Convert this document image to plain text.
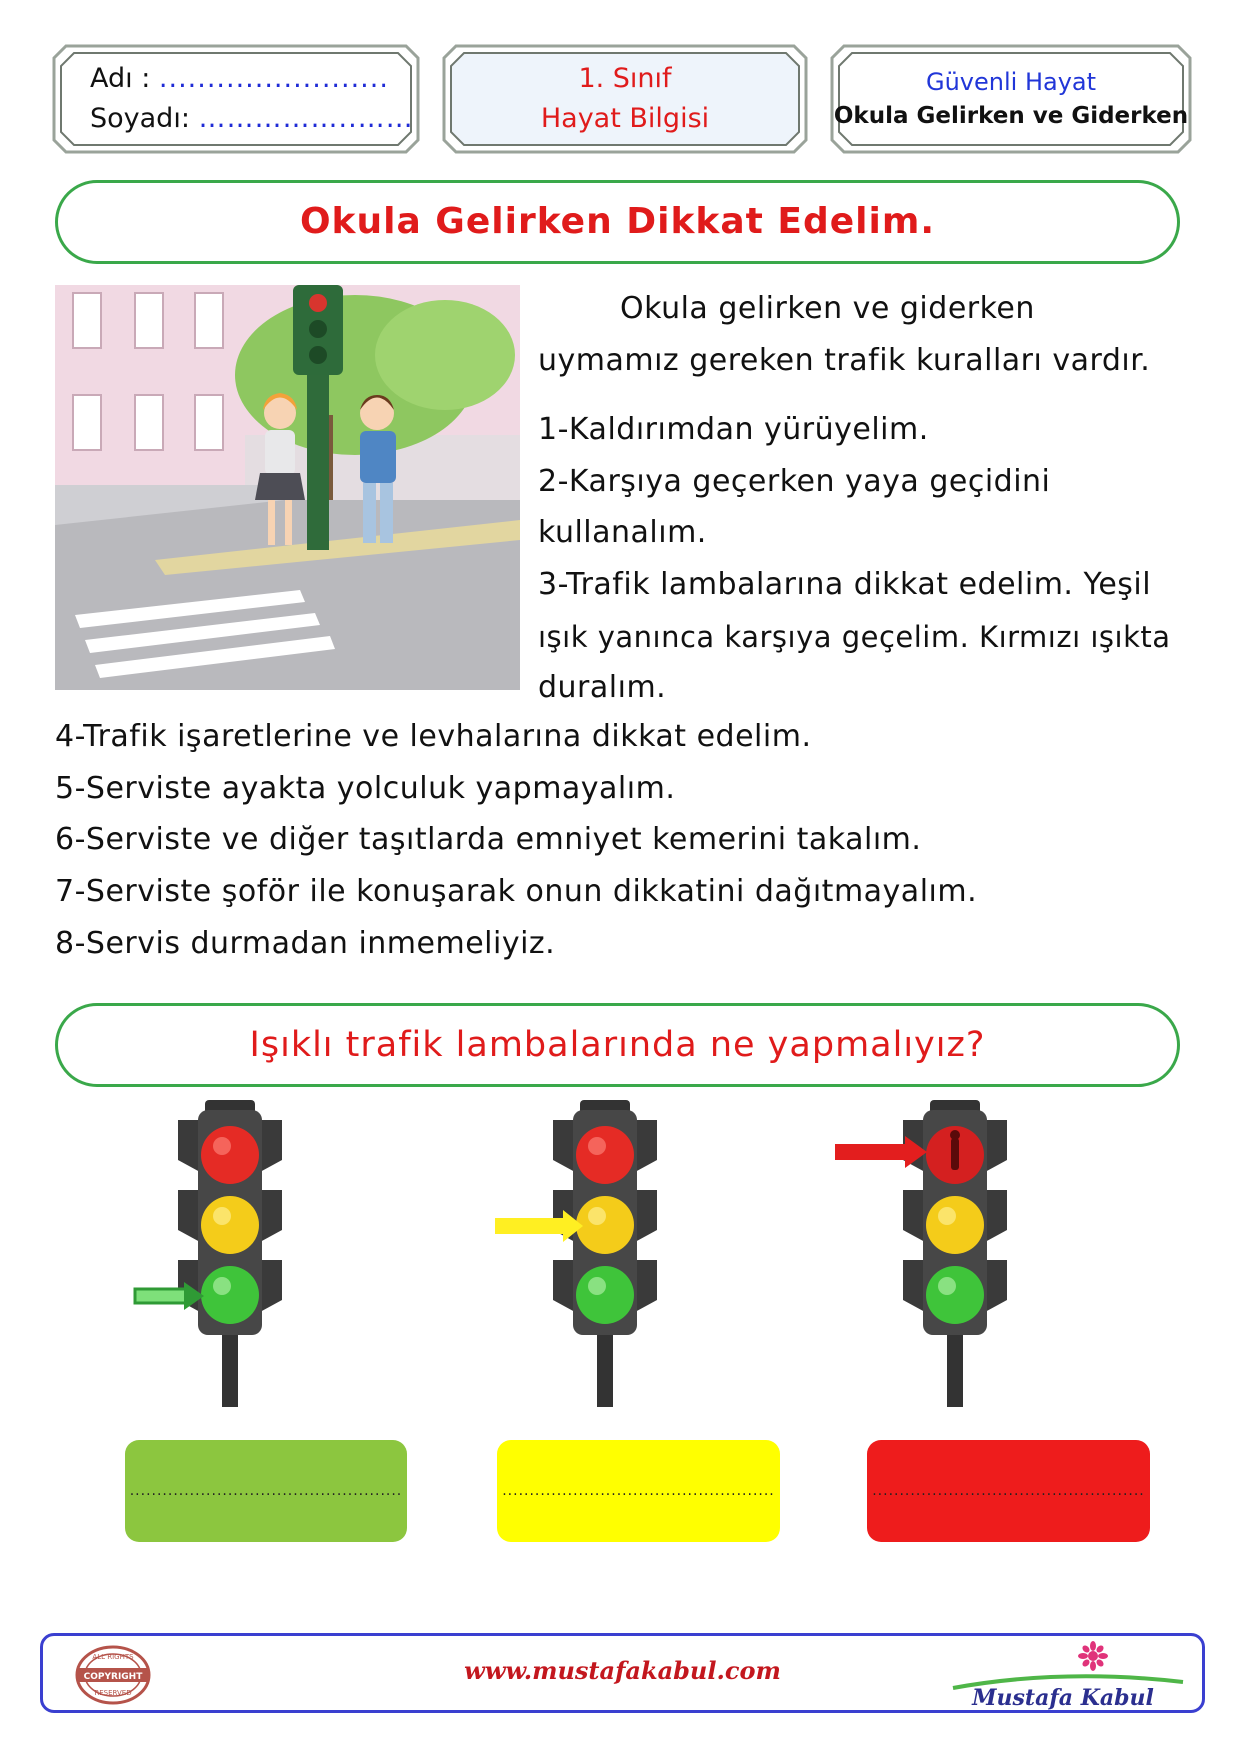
Adı : ........................
Soyadı: ……………..……
1. Sınıf
Hayat Bilgisi
Güvenli Hayat
Okula Gelirken ve Giderken
Okula Gelirken Dikkat Edelim.
Okula gelirken ve giderken
uymamız gereken trafik kuralları vardır.
1-Kaldırımdan yürüyelim.
2-Karşıya geçerken yaya geçidini
kullanalım.
3-Trafik lambalarına dikkat edelim. Yeşil
ışık yanınca karşıya geçelim. Kırmızı ışıkta
duralım.
4-Trafik işaretlerine ve levhalarına dikkat edelim.
5-Serviste ayakta yolculuk yapmayalım.
6-Serviste ve diğer taşıtlarda emniyet kemerini takalım.
7-Serviste şoför ile konuşarak onun dikkatini dağıtmayalım.
8-Servis durmadan inmemeliyiz.
Işıklı trafik lambalarında ne yapmalıyız?
..................................................	..................................................	..................................................
ALL RIGHTS
COPYRIGHT
RESERVED
www.mustafakabul.com
Mustafa Kabul
